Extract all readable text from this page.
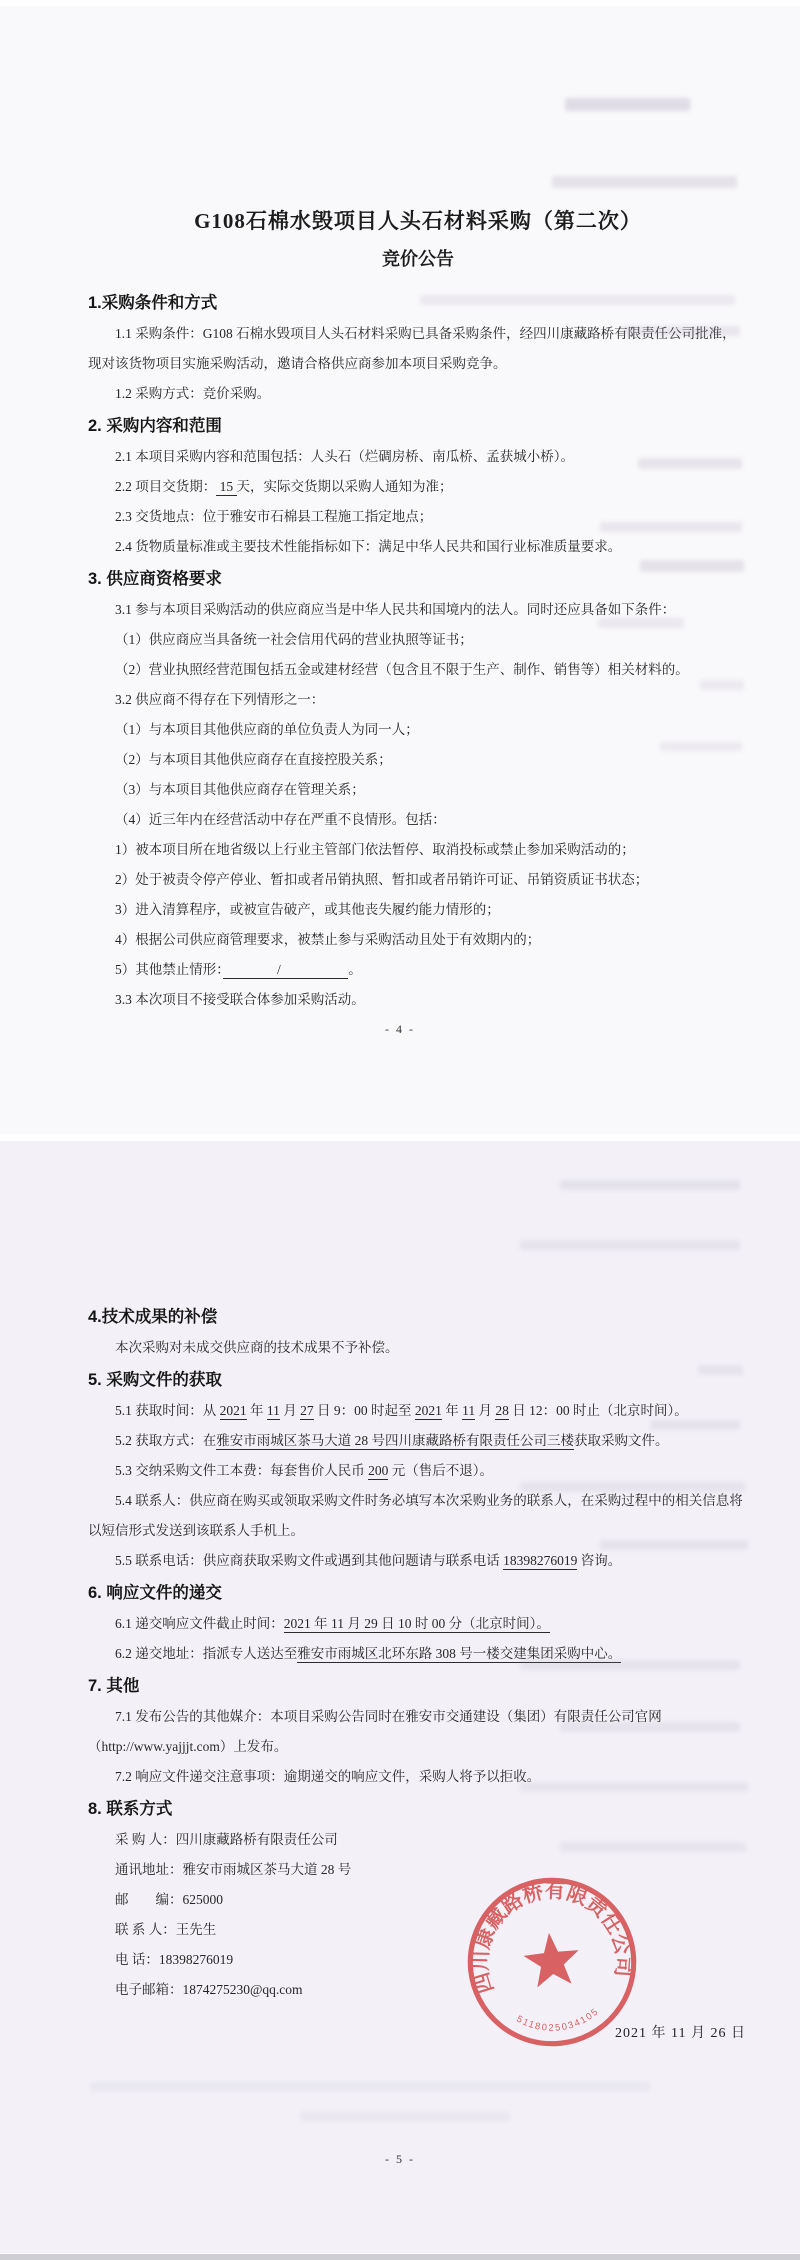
G108石棉水毁项目人头石材料采购（第二次）
竞价公告
1.采购条件和方式

1.1 采购条件：G108 石棉水毁项目人头石材料采购已具备采购条件，经四川康藏路桥有限责任公司批准，现对该货物项目实施采购活动，邀请合格供应商参加本项目采购竞争。

1.2 采购方式：竞价采购。

2. 采购内容和范围

2.1 本项目采购内容和范围包括：人头石（烂碉房桥、南瓜桥、孟获城小桥）。

2.2 项目交货期： 15 天，实际交货期以采购人通知为准；

2.3 交货地点：位于雅安市石棉县工程施工指定地点；

2.4 货物质量标准或主要技术性能指标如下：满足中华人民共和国行业标准质量要求。

3. 供应商资格要求

3.1 参与本项目采购活动的供应商应当是中华人民共和国境内的法人。同时还应具备如下条件：

（1）供应商应当具备统一社会信用代码的营业执照等证书；

（2）营业执照经营范围包括五金或建材经营（包含且不限于生产、制作、销售等）相关材料的。

3.2 供应商不得存在下列情形之一：

（1）与本项目其他供应商的单位负责人为同一人；

（2）与本项目其他供应商存在直接控股关系；

（3）与本项目其他供应商存在管理关系；

（4）近三年内在经营活动中存在严重不良情形。包括：

1）被本项目所在地省级以上行业主管部门依法暂停、取消投标或禁止参加采购活动的；

2）处于被责令停产停业、暂扣或者吊销执照、暂扣或者吊销许可证、吊销资质证书状态；

3）进入清算程序，或被宣告破产，或其他丧失履约能力情形的；

4）根据公司供应商管理要求，被禁止参与采购活动且处于有效期内的；

5）其他禁止情形：　　　　/　　　　　。

3.3 本次项目不接受联合体参加采购活动。

4.技术成果的补偿

本次采购对未成交供应商的技术成果不予补偿。

5. 采购文件的获取

5.1 获取时间：从 2021 年 11 月 27 日 9：00 时起至 2021 年 11 月 28 日 12：00 时止（北京时间）。

5.2 获取方式：在雅安市雨城区茶马大道 28 号四川康藏路桥有限责任公司三楼获取采购文件。

5.3 交纳采购文件工本费：每套售价人民币 200 元（售后不退）。

5.4 联系人：供应商在购买或领取采购文件时务必填写本次采购业务的联系人，在采购过程中的相关信息将以短信形式发送到该联系人手机上。

5.5 联系电话：供应商获取采购文件或遇到其他问题请与联系电话 18398276019 咨询。

6. 响应文件的递交

6.1 递交响应文件截止时间：2021 年 11 月 29 日 10 时 00 分（北京时间）。

6.2 递交地址：指派专人送达至雅安市雨城区北环东路 308 号一楼交建集团采购中心。

7. 其他

7.1 发布公告的其他媒介：本项目采购公告同时在雅安市交通建设（集团）有限责任公司官网（http://www.yajjjt.com）上发布。

7.2 响应文件递交注意事项：逾期递交的响应文件，采购人将予以拒收。

8. 联系方式

采 购 人：四川康藏路桥有限责任公司

通讯地址：雅安市雨城区茶马大道 28 号

邮　　编：625000

联 系 人：王先生

电 话：18398276019

电子邮箱：1874275230@qq.com

- 4 -
- 5 -
2021 年 11 月 26 日
四川康藏路桥有限责任公司
5118025034105
